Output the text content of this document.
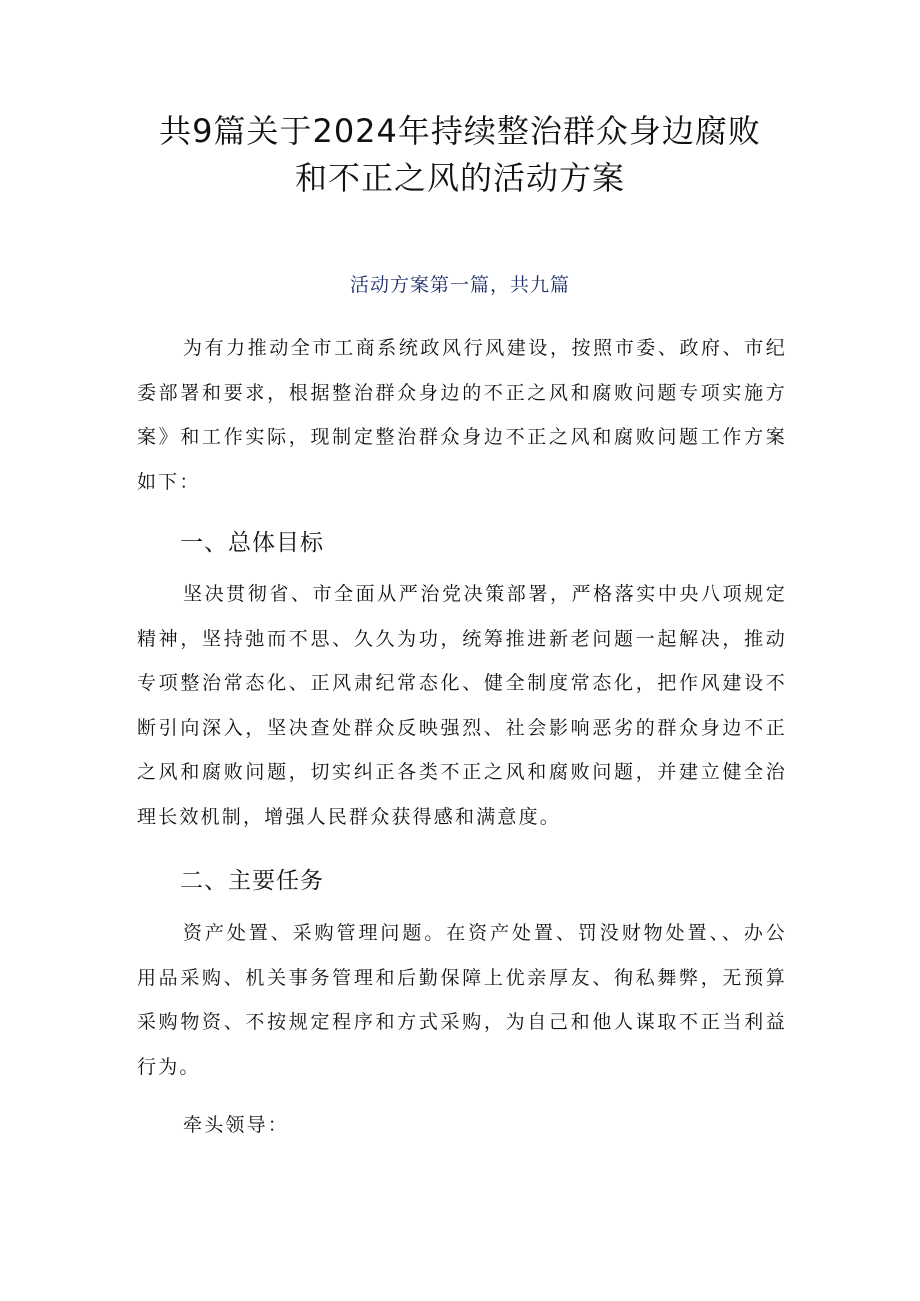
共9篇关于2024年持续整治群众身边腐败
和不正之风的活动方案
活动方案第一篇，共九篇

为有力推动全市工商系统政风行风建设，按照市委、政府、市纪委部署和要求，根据整治群众身边的不正之风和腐败问题专项实施方案》和工作实际，现制定整治群众身边不正之风和腐败问题工作方案如下：

一、总体目标

坚决贯彻省、市全面从严治党决策部署，严格落实中央八项规定精神，坚持弛而不思、久久为功，统筹推进新老问题一起解决，推动专项整治常态化、正风肃纪常态化、健全制度常态化，把作风建设不断引向深入，坚决查处群众反映强烈、社会影响恶劣的群众身边不正之风和腐败问题，切实纠正各类不正之风和腐败问题，并建立健全治理长效机制，增强人民群众获得感和满意度。

二、主要任务

资产处置、采购管理问题。在资产处置、罚没财物处置、、办公用品采购、机关事务管理和后勤保障上优亲厚友、徇私舞弊，无预算采购物资、不按规定程序和方式采购，为自己和他人谋取不正当利益行为。

牵头领导：
